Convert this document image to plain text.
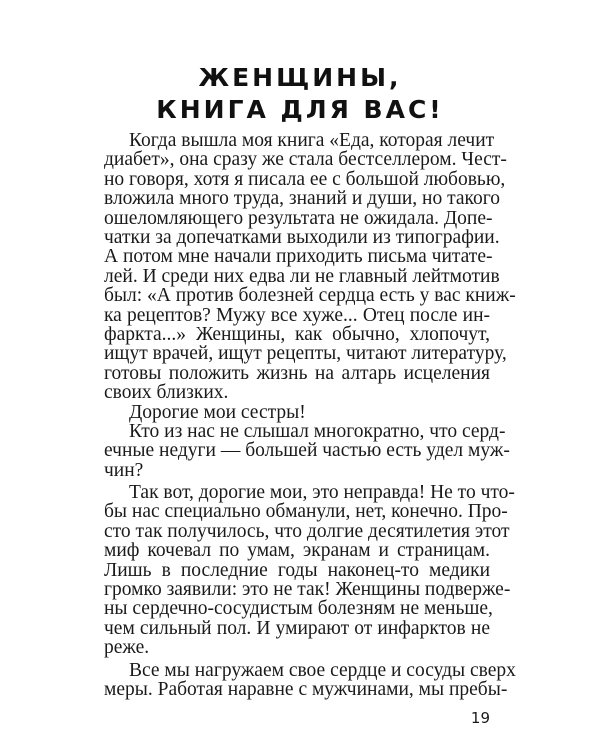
ЖЕНЩИНЫ,
КНИГА ДЛЯ ВАС!
Когда вышла моя книга «Еда, которая лечит
диабет», она сразу же стала бестселлером. Чест-
но говоря, хотя я писала ее с большой любовью,
вложила много труда, знаний и души, но такого
ошеломляющего результата не ожидала. Допе-
чатки за допечатками выходили из типографии.
А потом мне начали приходить письма читате-
лей. И среди них едва ли не главный лейтмотив
был: «А против болезней сердца есть у вас книж-
ка рецептов? Мужу все хуже... Отец после ин-
фаркта...» Женщины, как обычно, хлопочут,
ищут врачей, ищут рецепты, читают литературу,
готовы положить жизнь на алтарь исцеления
своих близких.
Дорогие мои сестры!
Кто из нас не слышал многократно, что серд-
ечные недуги — большей частью есть удел муж-
чин?
Так вот, дорогие мои, это неправда! Не то что-
бы нас специально обманули, нет, конечно. Про-
сто так получилось, что долгие десятилетия этот
миф кочевал по умам, экранам и страницам.
Лишь в последние годы наконец-то медики
громко заявили: это не так! Женщины подверже-
ны сердечно-сосудистым болезням не меньше,
чем сильный пол. И умирают от инфарктов не
реже.
Все мы нагружаем свое сердце и сосуды сверх
меры. Работая наравне с мужчинами, мы пребы-
19
